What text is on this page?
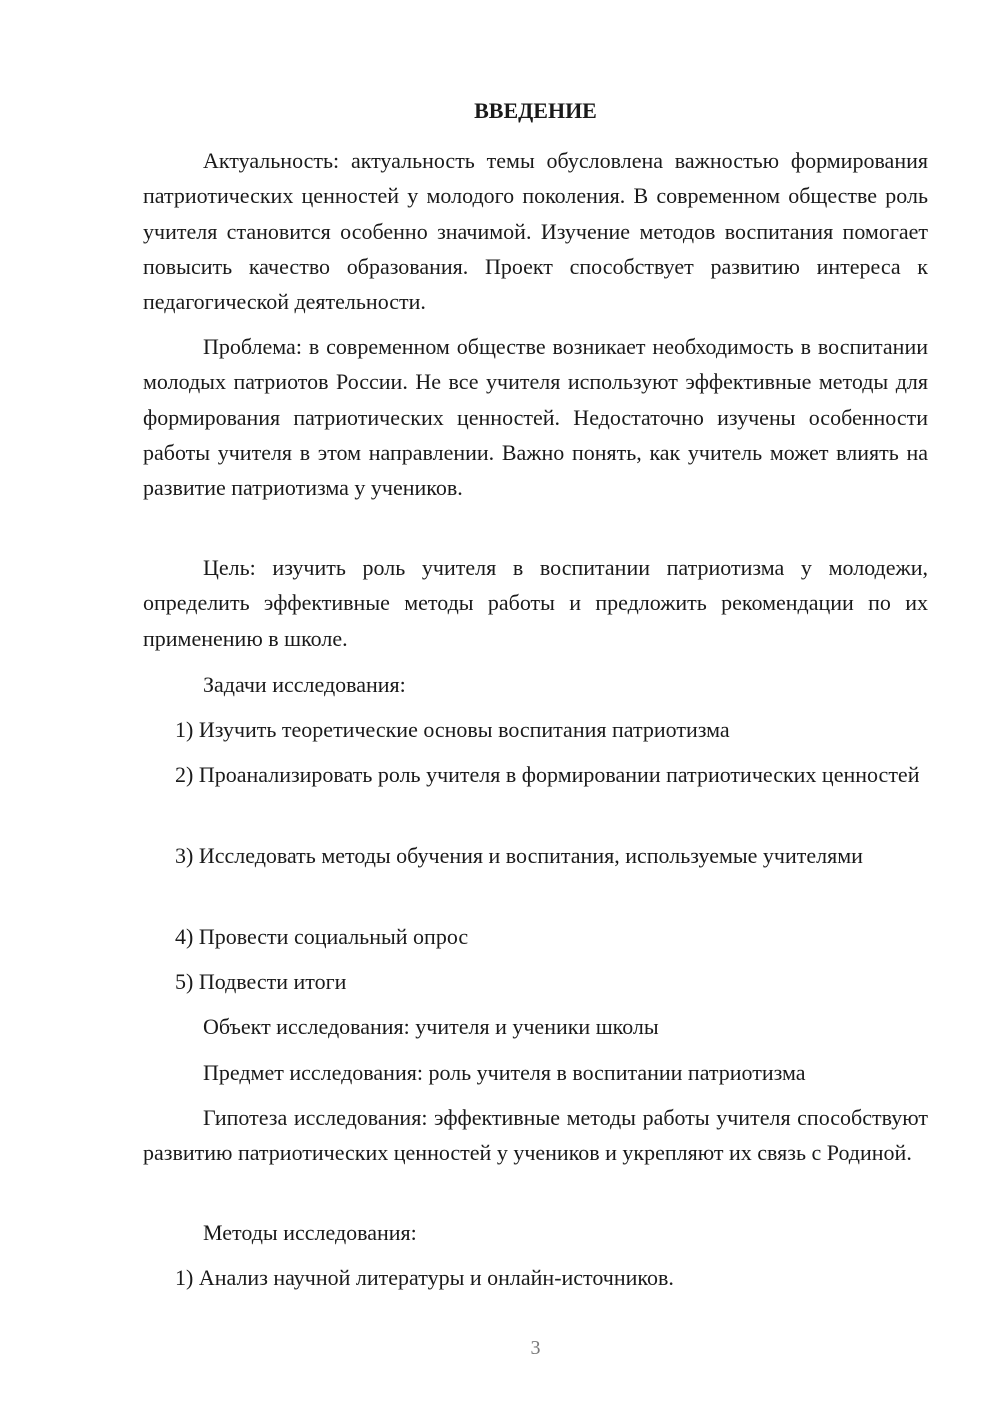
ВВЕДЕНИЕ

Актуальность: актуальность темы обусловлена важностью формирования патриотических ценностей у молодого поколения. В современном обществе роль учителя становится особенно значимой. Изучение методов воспитания помогает повысить качество образования. Проект способствует развитию интереса к педагогической деятельности.

Проблема: в современном обществе возникает необходимость в воспитании молодых патриотов России. Не все учителя используют эффективные методы для формирования патриотических ценностей. Недостаточно изучены особенности работы учителя в этом направлении. Важно понять, как учитель может влиять на развитие патриотизма у учеников.

Цель: изучить роль учителя в воспитании патриотизма у молодежи, определить эффективные методы работы и предложить рекомендации по их применению в школе.

Задачи исследования:

1) Изучить теоретические основы воспитания патриотизма

2) Проанализировать роль учителя в формировании патриотических ценностей

3) Исследовать методы обучения и воспитания, используемые учителями

4) Провести социальный опрос

5) Подвести итоги

Объект исследования: учителя и ученики школы

Предмет исследования: роль учителя в воспитании патриотизма

Гипотеза исследования: эффективные методы работы учителя способствуют развитию патриотических ценностей у учеников и укрепляют их связь с Родиной.

Методы исследования:

1) Анализ научной литературы и онлайн-источников.

3
